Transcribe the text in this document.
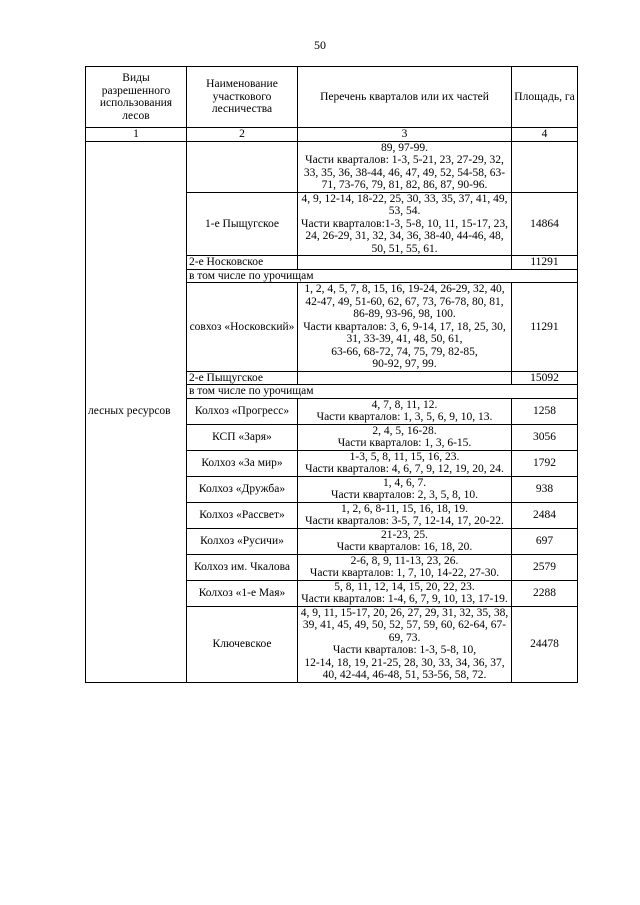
50
Виды разрешенного использования лесов	Наименование участкового лесничества	Перечень кварталов или их частей	Площадь, га
1	2	3	4
лесных ресурсов		89, 97-99.
Части кварталов: 1-3, 5-21, 23, 27-29, 32, 33, 35, 36, 38-44, 46, 47, 49, 52, 54-58, 63-71, 73-76, 79, 81, 82, 86, 87, 90-96.	
	1-е Пыщугское	4, 9, 12-14, 18-22, 25, 30, 33, 35, 37, 41, 49, 53, 54.
Части кварталов:1-3, 5-8, 10, 11, 15-17, 23, 24, 26-29, 31, 32, 34, 36, 38-40, 44-46, 48, 50, 51, 55, 61.	14864
	2-е Носковское		11291
	в том числе по урочищам		
	совхоз «Носковский»	1, 2, 4, 5, 7, 8, 15, 16, 19-24, 26-29, 32, 40, 42-47, 49, 51-60, 62, 67, 73, 76-78, 80, 81, 86-89, 93-96, 98, 100.
Части кварталов: 3, 6, 9-14, 17, 18, 25, 30, 31, 33-39, 41, 48, 50, 61,
63-66, 68-72, 74, 75, 79, 82-85,
90-92, 97, 99.	11291
	2-е Пыщугское		15092
	в том числе по урочищам		
	Колхоз «Прогресс»	4, 7, 8, 11, 12.
Части кварталов: 1, 3, 5, 6, 9, 10, 13.	1258
	КСП «Заря»	2, 4, 5, 16-28.
Части кварталов: 1, 3, 6-15.	3056
	Колхоз «За мир»	1-3, 5, 8, 11, 15, 16, 23.
Части кварталов: 4, 6, 7, 9, 12, 19, 20, 24.	1792
	Колхоз «Дружба»	1, 4, 6, 7.
Части кварталов: 2, 3, 5, 8, 10.	938
	Колхоз «Рассвет»	1, 2, 6, 8-11, 15, 16, 18, 19.
Части кварталов: 3-5, 7, 12-14, 17, 20-22.	2484
	Колхоз «Русичи»	21-23, 25.
Части кварталов: 16, 18, 20.	697
	Колхоз им. Чкалова	2-6, 8, 9, 11-13, 23, 26.
Части кварталов: 1, 7, 10, 14-22, 27-30.	2579
	Колхоз «1-е Мая»	5, 8, 11, 12, 14, 15, 20, 22, 23.
Части кварталов: 1-4, 6, 7, 9, 10, 13, 17-19.	2288
	Ключевское	4, 9, 11, 15-17, 20, 26, 27, 29, 31, 32, 35, 38, 39, 41, 45, 49, 50, 52, 57, 59, 60, 62-64, 67-69, 73.
Части кварталов: 1-3, 5-8, 10,
12-14, 18, 19, 21-25, 28, 30, 33, 34, 36, 37, 40, 42-44, 46-48, 51, 53-56, 58, 72.	24478
